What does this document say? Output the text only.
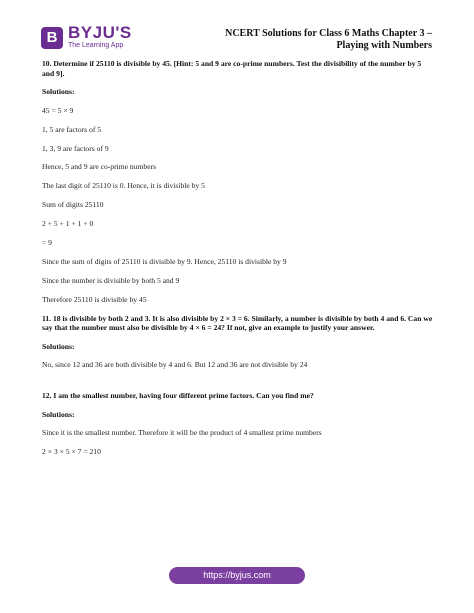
B BYJU'S
The Learning App
NCERT Solutions for Class 6 Maths Chapter 3 –
Playing with Numbers

10. Determine if 25110 is divisible by 45. [Hint: 5 and 9 are co-prime numbers. Test the divisibility of the number by 5 and 9].

Solutions:

45 = 5 × 9

1, 5 are factors of 5

1, 3, 9 are factors of 9

Hence, 5 and 9 are co-prime numbers

The last digit of 25110 is 0. Hence, it is divisible by 5

Sum of digits 25110

2 + 5 + 1 + 1 + 0

= 9

Since the sum of digits of 25110 is divisible by 9. Hence, 25110 is divisible by 9

Since the number is divisible by both 5 and 9

Therefore 25110 is divisible by 45

11. 18 is divisible by both 2 and 3. It is also divisible by 2 × 3 = 6. Similarly, a number is divisible by both 4 and 6. Can we say that the number must also be divisible by 4 × 6 = 24? If not, give an example to justify your answer.

Solutions:

No, since 12 and 36 are both divisible by 4 and 6. But 12 and 36 are not divisible by 24

12. I am the smallest number, having four different prime factors. Can you find me?

Solutions:

Since it is the smallest number. Therefore it will be the product of 4 smallest prime numbers

2 × 3 × 5 × 7 = 210

https://byjus.com
